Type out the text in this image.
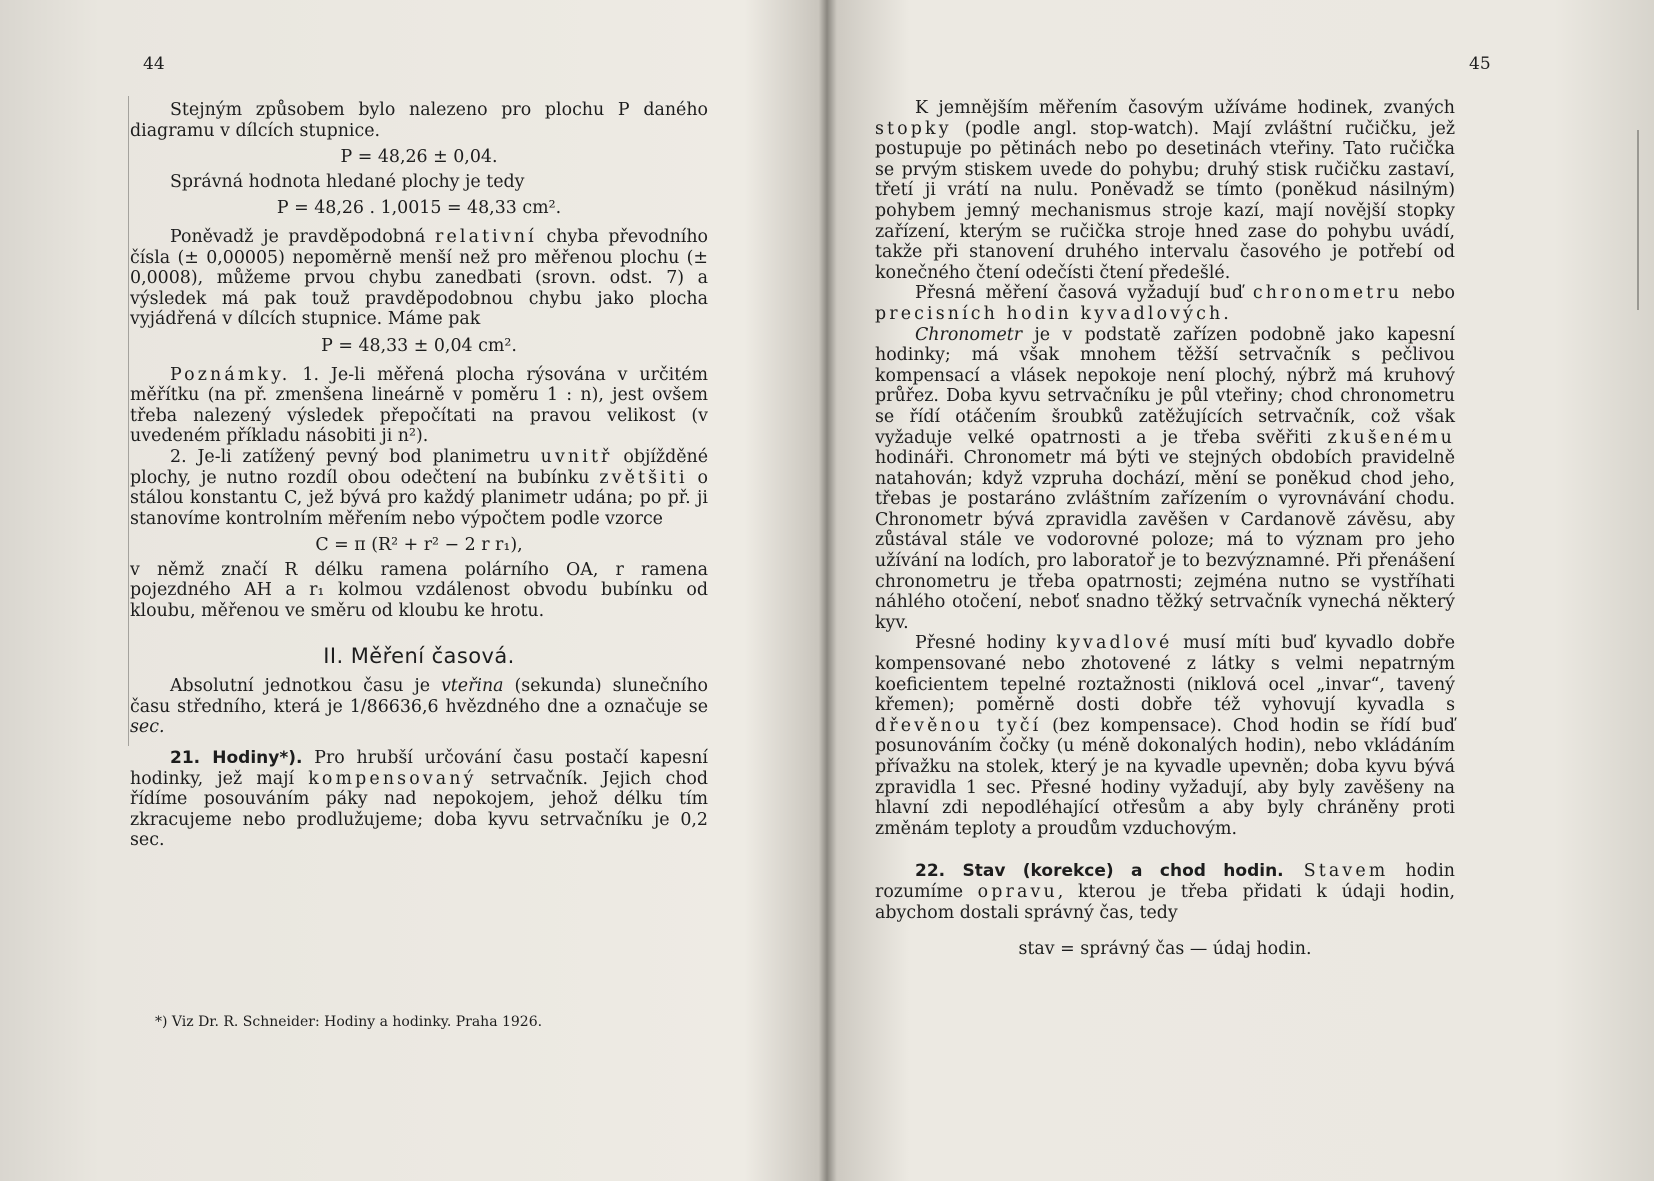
44

Stejným způsobem bylo nalezeno pro plochu P daného diagramu v dílcích stupnice.

P = 48,26 ± 0,04.

Správná hodnota hledané plochy je tedy

P = 48,26 . 1,0015 = 48,33 cm².

Poněvadž je pravděpodobná relativní chyba převodního čísla (± 0,00005) nepoměrně menší než pro měřenou plochu (± 0,0008), můžeme prvou chybu zanedbati (srovn. odst. 7) a výsledek má pak touž pravděpodobnou chybu jako plocha vyjádřená v dílcích stupnice. Máme pak

P = 48,33 ± 0,04 cm².

Poznámky. 1. Je-li měřená plocha rýsována v určitém měřítku (na př. zmenšena lineárně v poměru 1 : n), jest ovšem třeba nalezený výsledek přepočítati na pravou velikost (v uvedeném příkladu násobiti ji n²).

2. Je-li zatížený pevný bod planimetru uvnitř objížděné plochy, je nutno rozdíl obou odečtení na bubínku zvětšiti o stálou konstantu C, jež bývá pro každý planimetr udána; po př. ji stanovíme kontrolním měřením nebo výpočtem podle vzorce

C = π (R² + r² − 2 r r₁),

v němž značí R délku ramena polárního OA, r ramena pojezdného AH a r₁ kolmou vzdálenost obvodu bubínku od kloubu, měřenou ve směru od kloubu ke hrotu.

II. Měření časová.

Absolutní jednotkou času je vteřina (sekunda) slunečního času středního, která je 1/86636,6 hvězdného dne a označuje se sec.

21. Hodiny*). Pro hrubší určování času postačí kapesní hodinky, jež mají kompensovaný setrvačník. Jejich chod řídíme posouváním páky nad nepokojem, jehož délku tím zkracujeme nebo prodlužujeme; doba kyvu setrvačníku je 0,2 sec.

*) Viz Dr. R. Schneider: Hodiny a hodinky. Praha 1926.
45

K jemnějším měřením časovým užíváme hodinek, zvaných stopky (podle angl. stop-watch). Mají zvláštní ručičku, jež postupuje po pětinách nebo po desetinách vteřiny. Tato ručička se prvým stiskem uvede do pohybu; druhý stisk ručičku zastaví, třetí ji vrátí na nulu. Poněvadž se tímto (poněkud násilným) pohybem jemný mechanismus stroje kazí, mají novější stopky zařízení, kterým se ručička stroje hned zase do pohybu uvádí, takže při stanovení druhého intervalu časového je potřebí od konečného čtení odečísti čtení předešlé.

Přesná měření časová vyžadují buď chronometru nebo precisních hodin kyvadlových.

Chronometr je v podstatě zařízen podobně jako kapesní hodinky; má však mnohem těžší setrvačník s pečlivou kompensací a vlásek nepokoje není plochý, nýbrž má kruhový průřez. Doba kyvu setrvačníku je půl vteřiny; chod chronometru se řídí otáčením šroubků zatěžujících setrvačník, což však vyžaduje velké opatrnosti a je třeba svěřiti zkušenému hodináři. Chronometr má býti ve stejných obdobích pravidelně natahován; když vzpruha dochází, mění se poněkud chod jeho, třebas je postaráno zvláštním zařízením o vyrovnávání chodu. Chronometr bývá zpravidla zavěšen v Cardanově závěsu, aby zůstával stále ve vodorovné poloze; má to význam pro jeho užívání na lodích, pro laboratoř je to bezvýznamné. Při přenášení chronometru je třeba opatrnosti; zejména nutno se vystříhati náhlého otočení, neboť snadno těžký setrvačník vynechá některý kyv.

Přesné hodiny kyvadlové musí míti buď kyvadlo dobře kompensované nebo zhotovené z látky s velmi nepatrným koeficientem tepelné roztažnosti (niklová ocel „invar“, tavený křemen); poměrně dosti dobře též vyhovují kyvadla s dřevěnou tyčí (bez kompensace). Chod hodin se řídí buď posunováním čočky (u méně dokonalých hodin), nebo vkládáním přívažku na stolek, který je na kyvadle upevněn; doba kyvu bývá zpravidla 1 sec. Přesné hodiny vyžadují, aby byly zavěšeny na hlavní zdi nepodléhající otřesům a aby byly chráněny proti změnám teploty a proudům vzduchovým.

22. Stav (korekce) a chod hodin. Stavem hodin rozumíme opravu, kterou je třeba přidati k údaji hodin, abychom dostali správný čas, tedy

stav = správný čas — údaj hodin.
